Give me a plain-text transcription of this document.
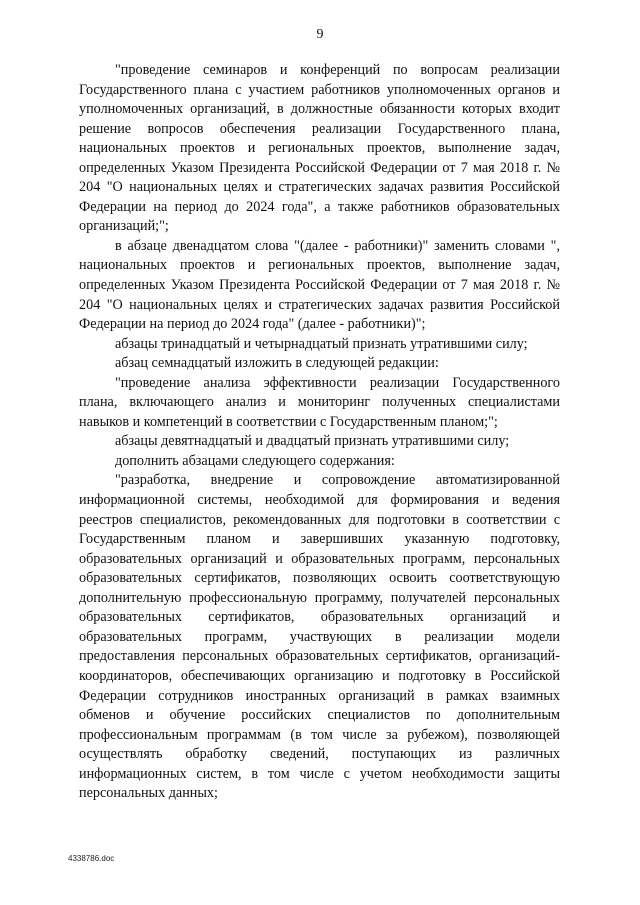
9

"проведение семинаров и конференций по вопросам реализации Государственного плана с участием работников уполномоченных органов и уполномоченных организаций, в должностные обязанности которых входит решение вопросов обеспечения реализации Государственного плана, национальных проектов и региональных проектов, выполнение задач, определенных Указом Президента Российской Федерации от 7 мая 2018 г. № 204 "О национальных целях и стратегических задачах развития Российской Федерации на период до 2024 года", а также работников образовательных организаций;";

в абзаце двенадцатом слова "(далее - работники)" заменить словами ", национальных проектов и региональных проектов, выполнение задач, определенных Указом Президента Российской Федерации от 7 мая 2018 г. № 204 "О национальных целях и стратегических задачах развития Российской Федерации на период до 2024 года" (далее - работники)";

абзацы тринадцатый и четырнадцатый признать утратившими силу;

абзац семнадцатый изложить в следующей редакции:

"проведение анализа эффективности реализации Государственного плана, включающего анализ и мониторинг полученных специалистами навыков и компетенций в соответствии с Государственным планом;";

абзацы девятнадцатый и двадцатый признать утратившими силу;

дополнить абзацами следующего содержания:

"разработка, внедрение и сопровождение автоматизированной информационной системы, необходимой для формирования и ведения реестров специалистов, рекомендованных для подготовки в соответствии с Государственным планом и завершивших указанную подготовку, образовательных организаций и образовательных программ, персональных образовательных сертификатов, позволяющих освоить соответствующую дополнительную профессиональную программу, получателей персональных образовательных сертификатов, образовательных организаций и образовательных программ, участвующих в реализации модели предоставления персональных образовательных сертификатов, организаций-координаторов, обеспечивающих организацию и подготовку в Российской Федерации сотрудников иностранных организаций в рамках взаимных обменов и обучение российских специалистов по дополнительным профессиональным программам (в том числе за рубежом), позволяющей осуществлять обработку сведений, поступающих из различных информационных систем, в том числе с учетом необходимости защиты персональных данных;

4338786.doc
